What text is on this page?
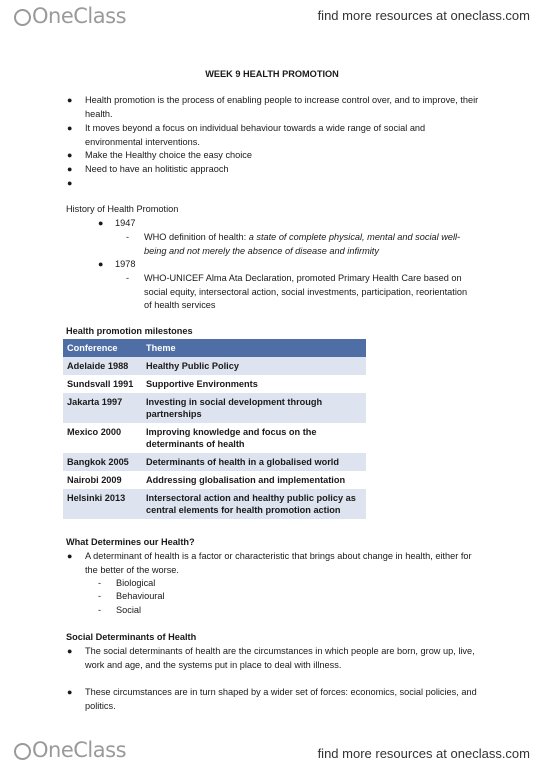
OneClass	find more resources at oneclass.com
WEEK 9 HEALTH PROMOTION
● Health promotion is the process of enabling people to increase control over, and to improve, their health.
● It moves beyond a focus on individual behaviour towards a wide range of social and environmental interventions.
● Make the Healthy choice the easy choice
● Need to have an holitistic appraoch
●
History of Health Promotion
● 1947
- WHO definition of health: a state of complete physical, mental and social well-being and not merely the absence of disease and infirmity
● 1978
- WHO-UNICEF Alma Ata Declaration, promoted Primary Health Care based on social equity, intersectoral action, social investments, participation, reorientation of health services
Health promotion milestones
Conference	Theme
Adelaide 1988	Healthy Public Policy
Sundsvall 1991	Supportive Environments
Jakarta 1997	Investing in social development through partnerships
Mexico 2000	Improving knowledge and focus on the determinants of health
Bangkok 2005	Determinants of health in a globalised world
Nairobi 2009	Addressing globalisation and implementation
Helsinki 2013	Intersectoral action and healthy public policy as central elements for health promotion action
What Determines our Health?
● A determinant of health is a factor or characteristic that brings about change in health, either for the better of the worse.
- Biological
- Behavioural
- Social
Social Determinants of Health
● The social determinants of health are the circumstances in which people are born, grow up, live, work and age, and the systems put in place to deal with illness.
● These circumstances are in turn shaped by a wider set of forces: economics, social policies, and politics.
OneClass	find more resources at oneclass.com
